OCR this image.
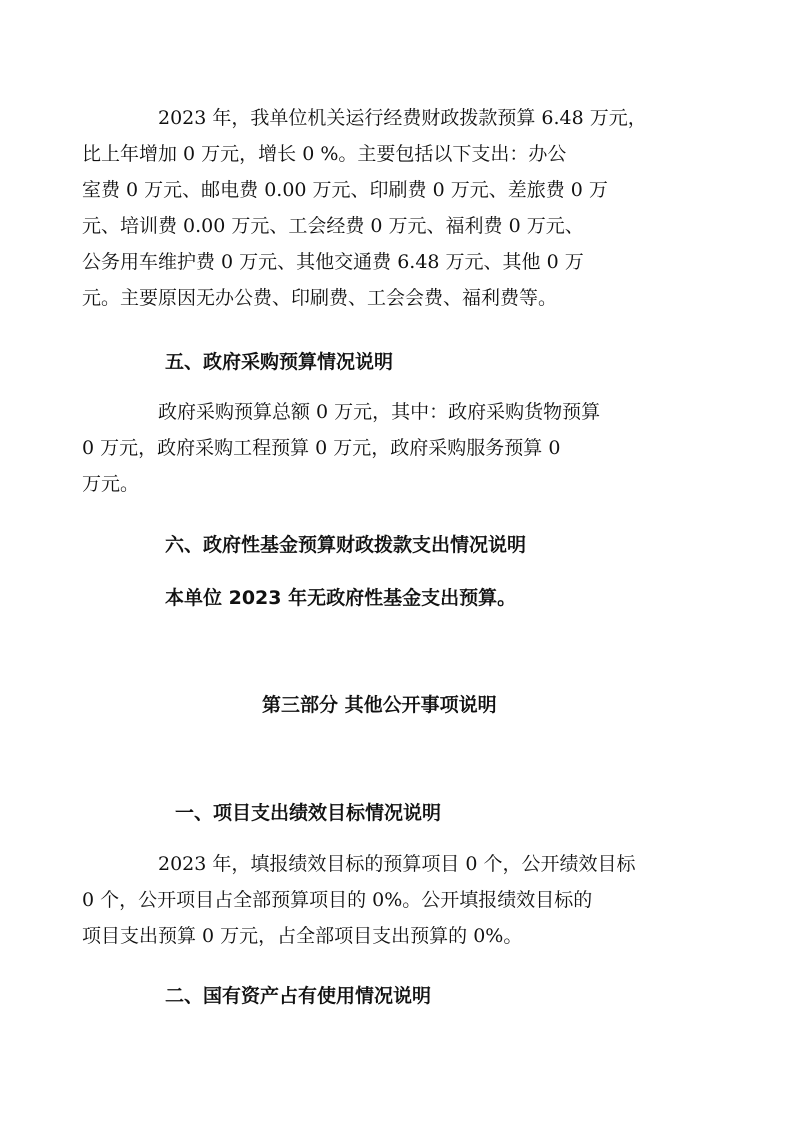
2023 年，我单位机关运行经费财政拨款预算 6.48 万元，
比上年增加 0 万元，增长 0 %。主要包括以下支出：办公
室费 0 万元、邮电费 0.00 万元、印刷费 0 万元、差旅费 0 万
元、培训费 0.00 万元、工会经费 0 万元、福利费 0 万元、
公务用车维护费 0 万元、其他交通费 6.48 万元、其他 0 万
元。主要原因无办公费、印刷费、工会会费、福利费等。

五、政府采购预算情况说明

政府采购预算总额 0 万元，其中：政府采购货物预算
0 万元，政府采购工程预算 0 万元，政府采购服务预算 0
万元。

六、政府性基金预算财政拨款支出情况说明
本单位 2023 年无政府性基金支出预算。
第三部分 其他公开事项说明
一、项目支出绩效目标情况说明

2023 年，填报绩效目标的预算项目 0 个，公开绩效目标
0 个，公开项目占全部预算项目的 0%。公开填报绩效目标的
项目支出预算 0 万元，占全部项目支出预算的 0%。

二、国有资产占有使用情况说明
